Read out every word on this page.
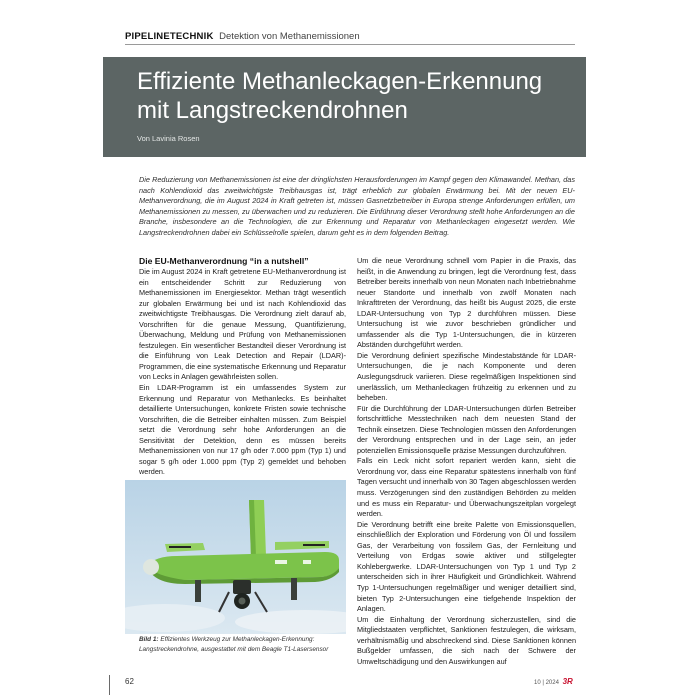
PIPELINETECHNIK Detektion von Methanemissionen
Effiziente Methanleckagen-Erkennung mit Langstreckendrohnen
Von Lavinia Rosen

Die Reduzierung von Methanemissionen ist eine der dringlichsten Herausforderungen im Kampf gegen den Klimawandel. Methan, das nach Kohlendioxid das zweitwichtigste Treibhausgas ist, trägt erheblich zur globalen Erwärmung bei. Mit der neuen EU-Methanverordnung, die im August 2024 in Kraft getreten ist, müssen Gasnetzbetreiber in Europa strenge Anforderungen erfüllen, um Methanemissionen zu messen, zu überwachen und zu reduzieren. Die Einführung dieser Verordnung stellt hohe Anforderungen an die Branche, insbesondere an die Technologien, die zur Erkennung und Reparatur von Methanleckagen eingesetzt werden. Wie Langstreckendrohnen dabei ein Schlüsselrolle spielen, darum geht es in dem folgenden Beitrag.

Die EU-Methanverordnung “in a nutshell”

Die im August 2024 in Kraft getretene EU-Methanverordnung ist ein entscheidender Schritt zur Reduzierung von Methanemissionen im Energiesektor. Methan trägt wesentlich zur globalen Erwärmung bei und ist nach Kohlendioxid das zweitwichtigste Treibhausgas. Die Verordnung zielt darauf ab, Vorschriften für die genaue Messung, Quantifizierung, Überwachung, Meldung und Prüfung von Methanemissionen festzulegen. Ein wesentlicher Bestandteil dieser Verordnung ist die Einführung von Leak Detection and Repair (LDAR)-Programmen, die eine systematische Erkennung und Reparatur von Lecks in Anlagen gewährleisten sollen.

Ein LDAR-Programm ist ein umfassendes System zur Erkennung und Reparatur von Methanlecks. Es beinhaltet detaillierte Untersuchungen, konkrete Fristen sowie technische Vorschriften, die die Betreiber einhalten müssen. Zum Beispiel setzt die Verordnung sehr hohe Anforderungen an die Sensitivität der Detektion, denn es müssen bereits Methanemissionen von nur 17 g/h oder 7.000 ppm (Typ 1) und sogar 5 g/h oder 1.000 ppm (Typ 2) gemeldet und behoben werden.

Bild 1: Effizientes Werkzeug zur Methanleckagen-Erkennung: Langstreckendrohne, ausgestattet mit dem Beagle T1-Lasersensor

Um die neue Verordnung schnell vom Papier in die Praxis, das heißt, in die Anwendung zu bringen, legt die Verordnung fest, dass Betreiber bereits innerhalb von neun Monaten nach Inbetriebnahme neuer Standorte und innerhalb von zwölf Monaten nach Inkrafttreten der Verordnung, das heißt bis August 2025, die erste LDAR-Untersuchung von Typ 2 durchführen müssen. Diese Untersuchung ist wie zuvor beschrieben gründlicher und umfassender als die Typ 1-Untersuchungen, die in kürzeren Abständen durchgeführt werden.

Die Verordnung definiert spezifische Mindestabstände für LDAR-Untersuchungen, die je nach Komponente und deren Auslegungsdruck variieren. Diese regelmäßigen Inspektionen sind unerlässlich, um Methanleckagen frühzeitig zu erkennen und zu beheben.

Für die Durchführung der LDAR-Untersuchungen dürfen Betreiber fortschrittliche Messtechniken nach dem neuesten Stand der Technik einsetzen. Diese Technologien müssen den Anforderungen der Verordnung entsprechen und in der Lage sein, an jeder potenziellen Emissionsquelle präzise Messungen durchzuführen.

Falls ein Leck nicht sofort repariert werden kann, sieht die Verordnung vor, dass eine Reparatur spätestens innerhalb von fünf Tagen versucht und innerhalb von 30 Tagen abgeschlossen werden muss. Verzögerungen sind den zuständigen Behörden zu melden und es muss ein Reparatur- und Überwachungszeitplan vorgelegt werden.

Die Verordnung betrifft eine breite Palette von Emissionsquellen, einschließlich der Exploration und Förderung von Öl und fossilem Gas, der Verarbeitung von fossilem Gas, der Fernleitung und Verteilung von Erdgas sowie aktiver und stillgelegter Kohlebergwerke. LDAR-Untersuchungen von Typ 1 und Typ 2 unterscheiden sich in ihrer Häufigkeit und Gründlichkeit. Während Typ 1-Untersuchungen regelmäßiger und weniger detailliert sind, bieten Typ 2-Untersuchungen eine tiefgehende Inspektion der Anlagen.

Um die Einhaltung der Verordnung sicherzustellen, sind die Mitgliedstaaten verpflichtet, Sanktionen festzulegen, die wirksam, verhältnismäßig und abschreckend sind. Diese Sanktionen können Bußgelder umfassen, die sich nach der Schwere der Umweltschädigung und den Auswirkungen auf

62	10 | 2024 3R
